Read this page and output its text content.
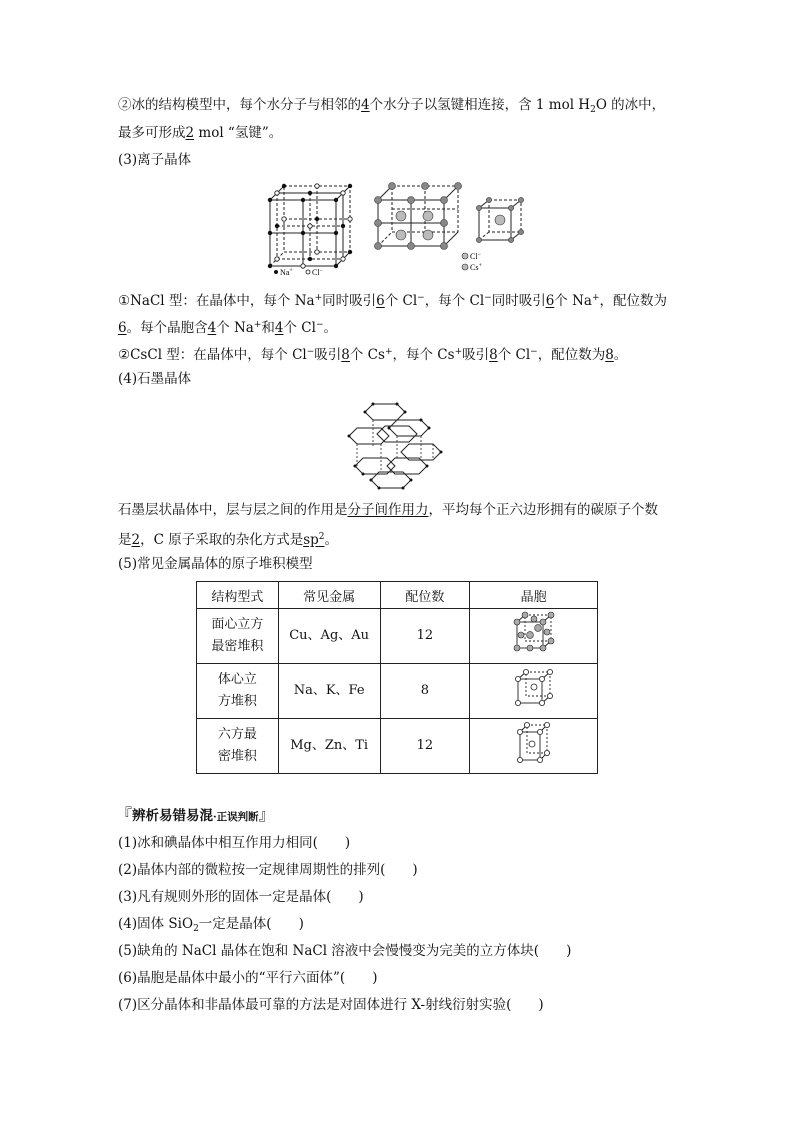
②冰的结构模型中，每个水分子与相邻的4个水分子以氢键相连接，含 1 mol $H_2O$ 的冰中，
最多可形成2 mol “氢键”。
(3)离子晶体
Na+ Cl−
Cl−
Cs+
①NaCl 型：在晶体中，每个 Na+同时吸引6个 Cl−，每个 Cl−同时吸引6个 Na+，配位数为
6。每个晶胞含4个 Na+和4个 Cl−。
②CsCl 型：在晶体中，每个 Cl−吸引8个 Cs+，每个 Cs+吸引8个 Cl−，配位数为8。
(4)石墨晶体
石墨层状晶体中，层与层之间的作用是分子间作用力，平均每个正六边形拥有的碳原子个数
是2，C 原子采取的杂化方式是$sp^2$。
(5)常见金属晶体的原子堆积模型
结构型式	常见金属	配位数	晶胞
面心立方
最密堆积	Cu、Ag、Au	12	
体心立
方堆积	Na、K、Fe	8	
六方最
密堆积	Mg、Zn、Ti	12	
『辨析易错易混·正误判断』
(1)冰和碘晶体中相互作用力相同(　　)
(2)晶体内部的微粒按一定规律周期性的排列(　　)
(3)凡有规则外形的固体一定是晶体(　　)
(4)固体 SiO$_2$一定是晶体(　　)
(5)缺角的 NaCl 晶体在饱和 NaCl 溶液中会慢慢变为完美的立方体块(　　)
(6)晶胞是晶体中最小的“平行六面体”(　　)
(7)区分晶体和非晶体最可靠的方法是对固体进行 X-射线衍射实验(　　)
